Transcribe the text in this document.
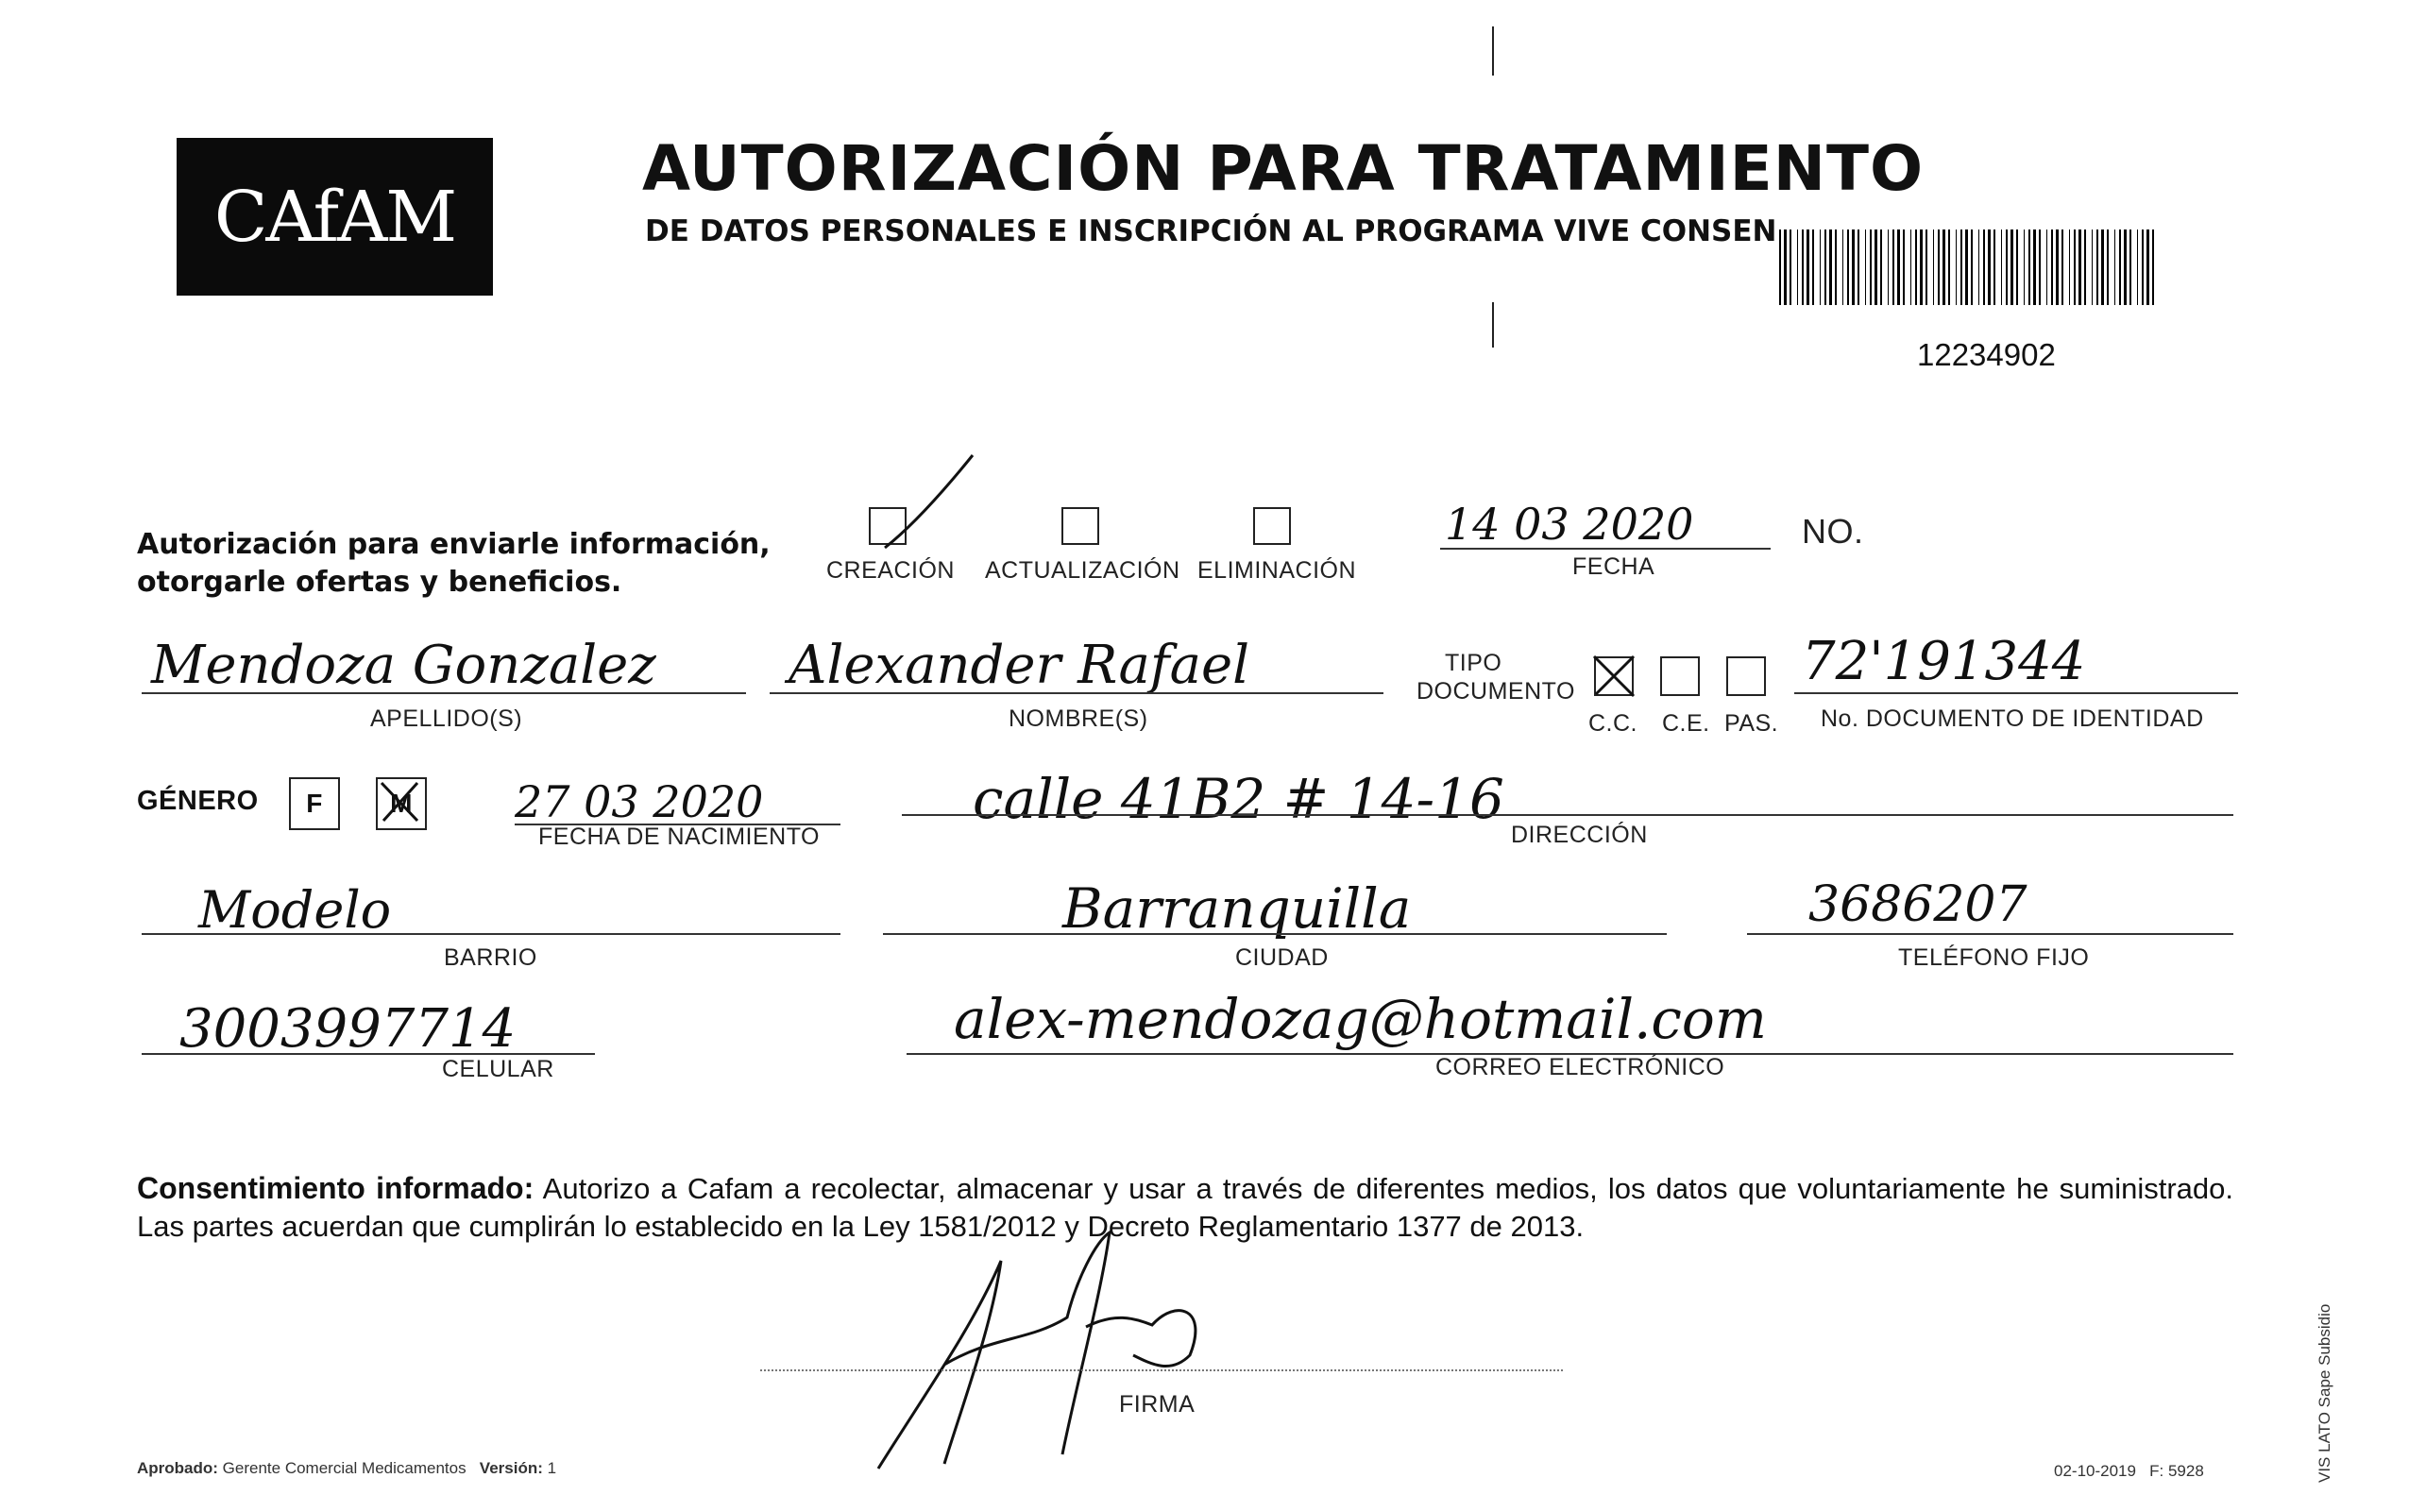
CAfAM
AUTORIZACIÓN PARA TRATAMIENTO
DE DATOS PERSONALES E INSCRIPCIÓN AL PROGRAMA VIVE CONSEN
12234902
Autorización para enviarle información,
otorgarle ofertas y beneficios.	CREACIÓN ACTUALIZACIÓN ELIMINACIÓN
14 03 2020
FECHA
NO.
Mendoza Gonzalez
APELLIDO(S)
Alexander Rafael
NOMBRE(S)
TIPO
DOCUMENTO
C.C. C.E. PAS.
72'191344
No. DOCUMENTO DE IDENTIDAD
GÉNERO	F	M	27 03 2020
FECHA DE NACIMIENTO
calle 41B2 # 14-16
DIRECCIÓN
Modelo
BARRIO
Barranquilla
CIUDAD
3686207
TELÉFONO FIJO
3003997714
CELULAR
alex-mendozag@hotmail.com
CORREO ELECTRÓNICO
Consentimiento informado: Autorizo a Cafam a recolectar, almacenar y usar a través de diferentes medios, los datos que voluntariamente he suministrado. Las partes acuerdan que cumplirán lo establecido en la Ley 1581/2012 y Decreto Reglamentario 1377 de 2013.
FIRMA
Aprobado: Gerente Comercial Medicamentos Versión: 1	02-10-2019 F: 5928	VIS LATO Sape Subsidio
